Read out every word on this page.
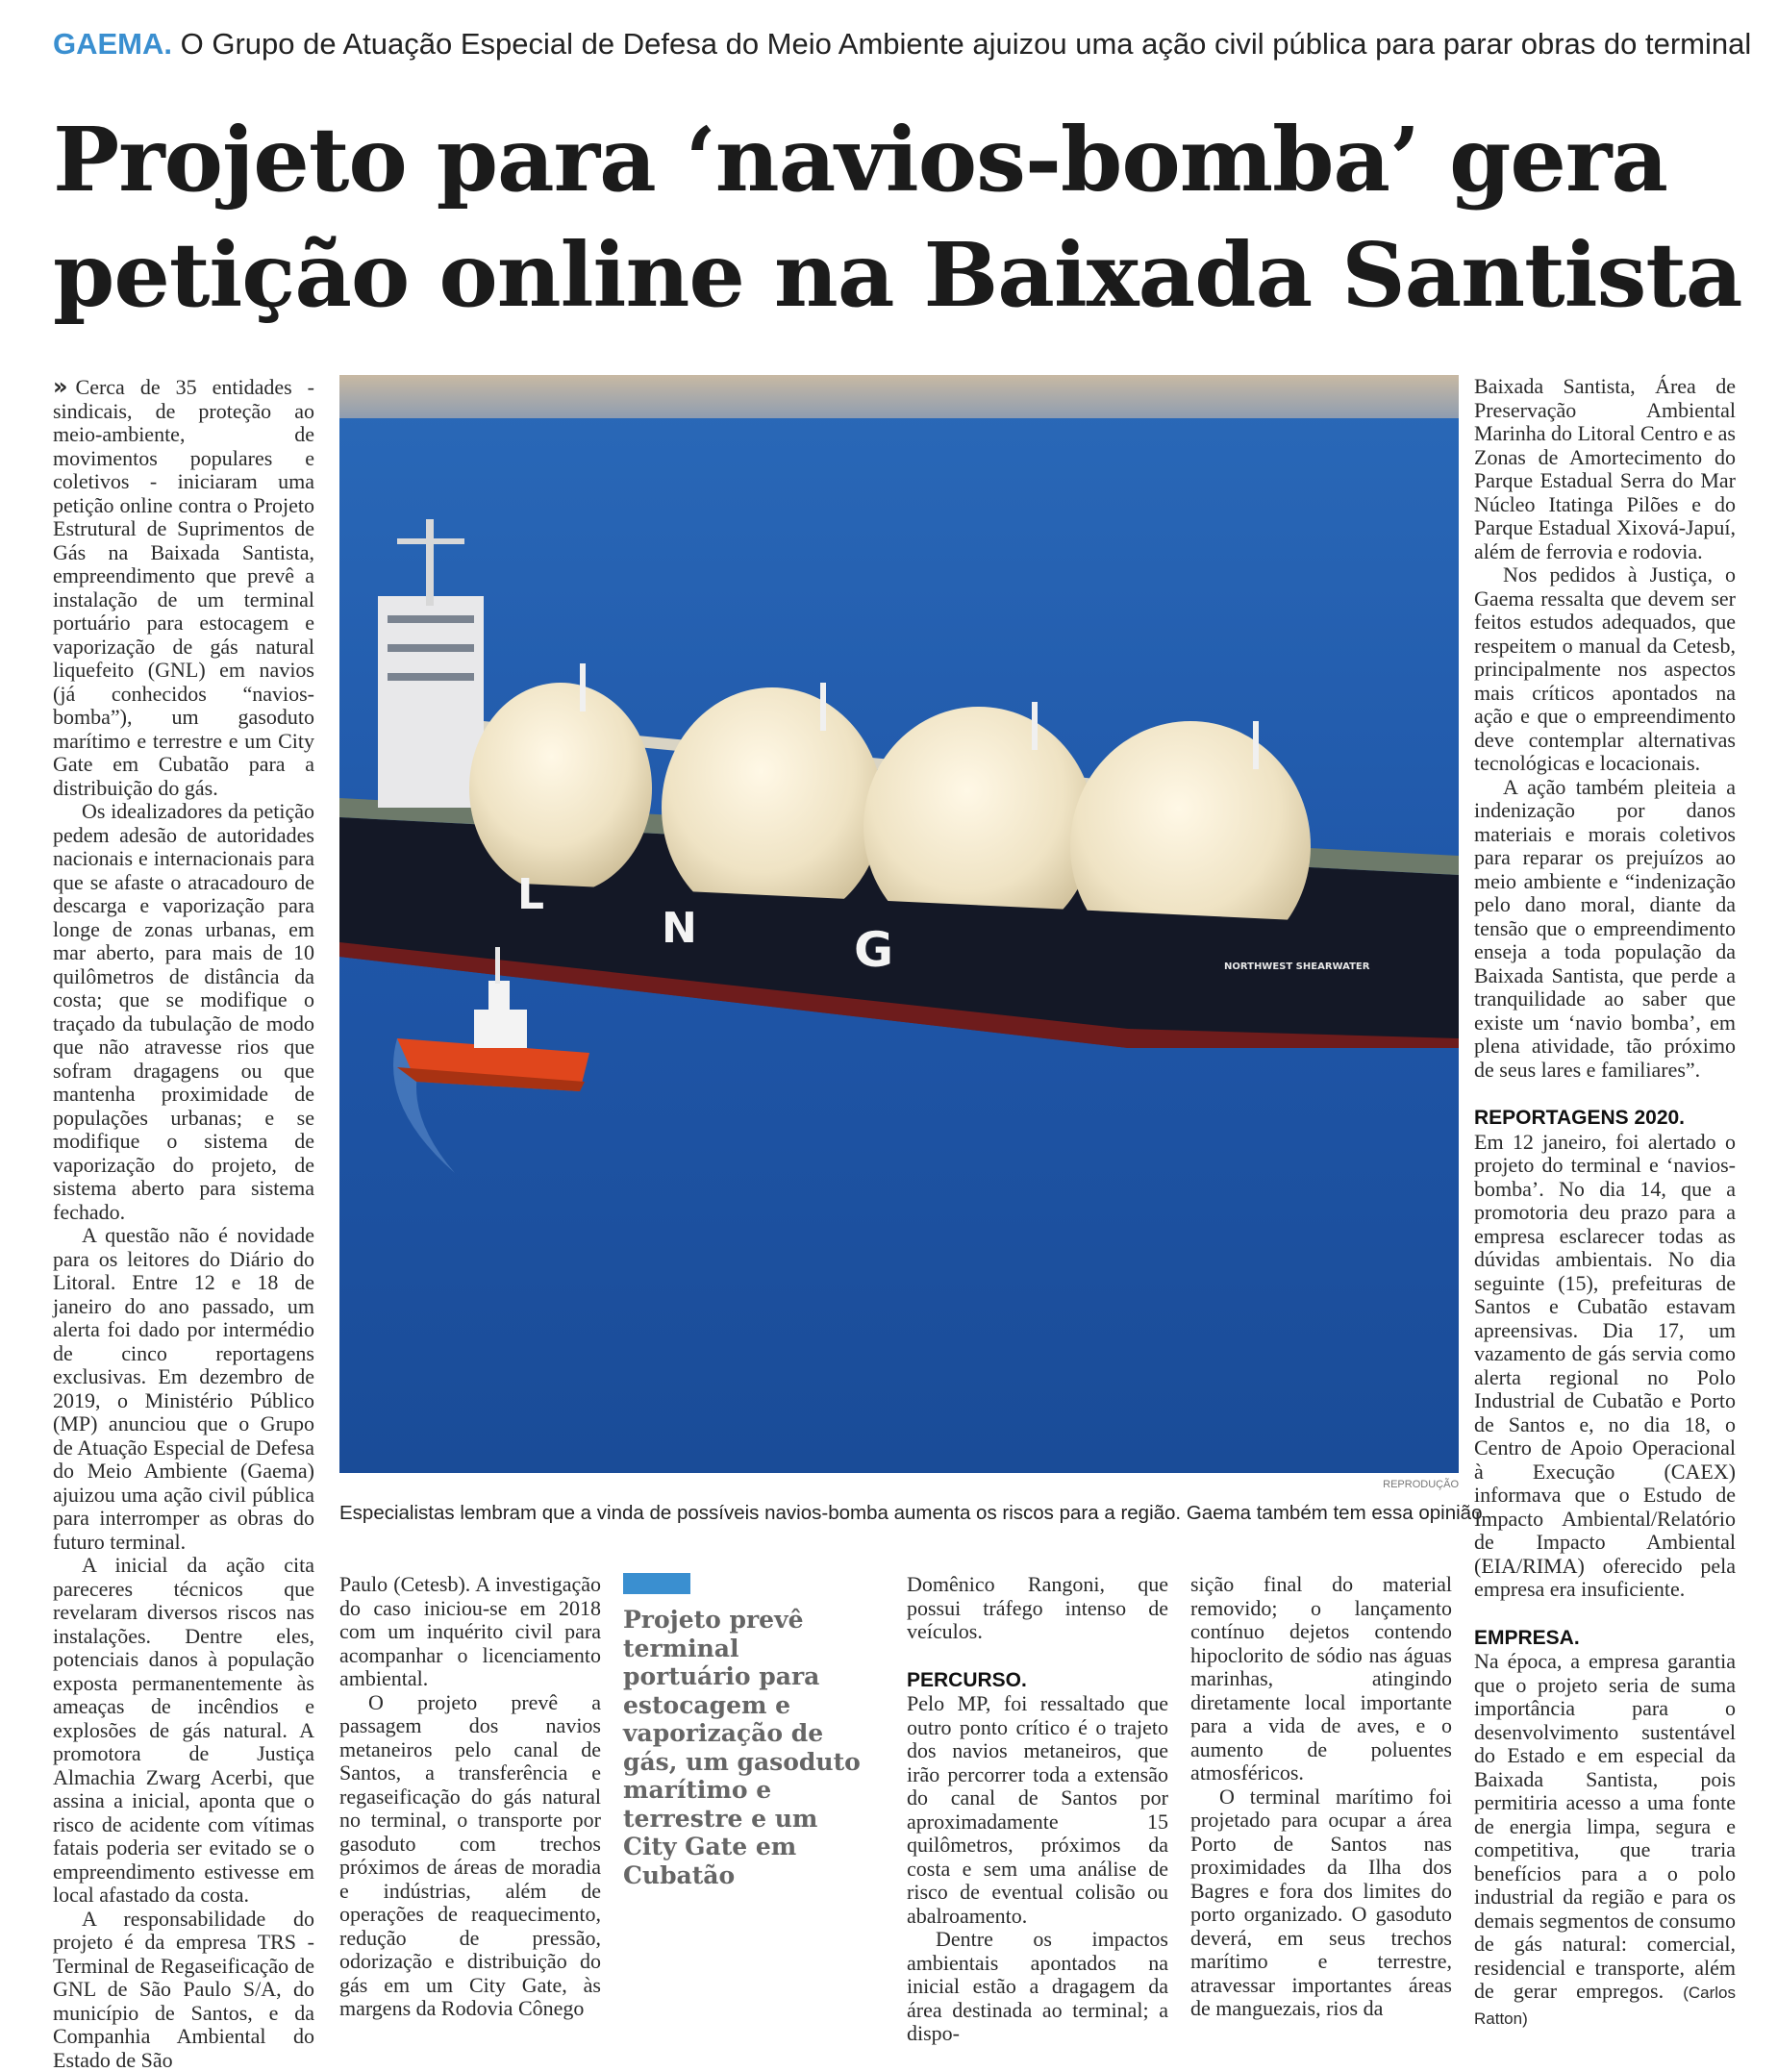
GAEMA. O Grupo de Atuação Especial de Defesa do Meio Ambiente ajuizou uma ação civil pública para parar obras do terminal
Projeto para ‘navios-bomba’ gera
petição online na Baixada Santista

» Cerca de 35 entidades - sindicais, de proteção ao meio-ambiente, de movimentos populares e coletivos - iniciaram uma petição online contra o Projeto Estrutural de Suprimentos de Gás na Baixada Santista, empreendimento que prevê a instalação de um terminal portuário para estocagem e vaporização de gás natural liquefeito (GNL) em navios (já conhecidos “navios-bomba”), um gasoduto marítimo e terrestre e um City Gate em Cubatão para a distribuição do gás.

Os idealizadores da petição pedem adesão de autoridades nacionais e internacionais para que se afaste o atracadouro de descarga e vaporização para longe de zonas urbanas, em mar aberto, para mais de 10 quilômetros de distância da costa; que se modifique o traçado da tubulação de modo que não atravesse rios que sofram dragagens ou que mantenha proximidade de populações urbanas; e se modifique o sistema de vaporização do projeto, de sistema aberto para sistema fechado.

A questão não é novidade para os leitores do Diário do Litoral. Entre 12 e 18 de janeiro do ano passado, um alerta foi dado por intermédio de cinco reportagens exclusivas. Em dezembro de 2019, o Ministério Público (MP) anunciou que o Grupo de Atuação Especial de Defesa do Meio Ambiente (Gaema) ajuizou uma ação civil pública para interromper as obras do futuro terminal.

A inicial da ação cita pareceres técnicos que revelaram diversos riscos nas instalações. Dentre eles, potenciais danos à população exposta permanentemente às ameaças de incêndios e explosões de gás natural. A promotora de Justiça Almachia Zwarg Acerbi, que assina a inicial, aponta que o risco de acidente com vítimas fatais poderia ser evitado se o empreendimento estivesse em local afastado da costa.

A responsabilidade do projeto é da empresa TRS - Terminal de Regaseificação de GNL de São Paulo S/A, do município de Santos, e da Companhia Ambiental do Estado de São

L
N	G	NORTHWEST SHEARWATER
REPRODUÇÃO
Especialistas lembram que a vinda de possíveis navios-bomba aumenta os riscos para a região. Gaema também tem essa opinião

Paulo (Cetesb). A investigação do caso iniciou-se em 2018 com um inquérito civil para acompanhar o licenciamento ambiental.

O projeto prevê a passagem dos navios metaneiros pelo canal de Santos, a transferência e regaseificação do gás natural no terminal, o transporte por gasoduto com trechos próximos de áreas de moradia e indústrias, além de operações de reaquecimento, redução de pressão, odorização e distribuição do gás em um City Gate, às margens da Rodovia Cônego

Projeto prevê terminal portuário para estocagem e vaporização de gás, um gasoduto marítimo e terrestre e um City Gate em Cubatão

Domênico Rangoni, que possui tráfego intenso de veículos.

PERCURSO.

Pelo MP, foi ressaltado que outro ponto crítico é o trajeto dos navios metaneiros, que irão percorrer toda a extensão do canal de Santos por aproximadamente 15 quilômetros, próximos da costa e sem uma análise de risco de eventual colisão ou abalroamento.

Dentre os impactos ambientais apontados na inicial estão a dragagem da área destinada ao terminal; a dispo-

sição final do material removido; o lançamento contínuo dejetos contendo hipoclorito de sódio nas águas marinhas, atingindo diretamente local importante para a vida de aves, e o aumento de poluentes atmosféricos.

O terminal marítimo foi projetado para ocupar a área Porto de Santos nas proximidades da Ilha dos Bagres e fora dos limites do porto organizado. O gasoduto deverá, em seus trechos marítimo e terrestre, atravessar importantes áreas de manguezais, rios da

Baixada Santista, Área de Preservação Ambiental Marinha do Litoral Centro e as Zonas de Amortecimento do Parque Estadual Serra do Mar Núcleo Itatinga Pilões e do Parque Estadual Xixová-Japuí, além de ferrovia e rodovia.

Nos pedidos à Justiça, o Gaema ressalta que devem ser feitos estudos adequados, que respeitem o manual da Cetesb, principalmente nos aspectos mais críticos apontados na ação e que o empreendimento deve contemplar alternativas tecnológicas e locacionais.

A ação também pleiteia a indenização por danos materiais e morais coletivos para reparar os prejuízos ao meio ambiente e “indenização pelo dano moral, diante da tensão que o empreendimento enseja a toda população da Baixada Santista, que perde a tranquilidade ao saber que existe um ‘navio bomba’, em plena atividade, tão próximo de seus lares e familiares”.

REPORTAGENS 2020.

Em 12 janeiro, foi alertado o projeto do terminal e ‘navios-bomba’. No dia 14, que a promotoria deu prazo para a empresa esclarecer todas as dúvidas ambientais. No dia seguinte (15), prefeituras de Santos e Cubatão estavam apreensivas. Dia 17, um vazamento de gás servia como alerta regional no Polo Industrial de Cubatão e Porto de Santos e, no dia 18, o Centro de Apoio Operacional à Execução (CAEX) informava que o Estudo de Impacto Ambiental/Relatório de Impacto Ambiental (EIA/RIMA) oferecido pela empresa era insuficiente.

EMPRESA.

Na época, a empresa garantia que o projeto seria de suma importância para o desenvolvimento sustentável do Estado e em especial da Baixada Santista, pois permitiria acesso a uma fonte de energia limpa, segura e competitiva, que traria benefícios para a o polo industrial da região e para os demais segmentos de consumo de gás natural: comercial, residencial e transporte, além de gerar empregos. (Carlos Ratton)
